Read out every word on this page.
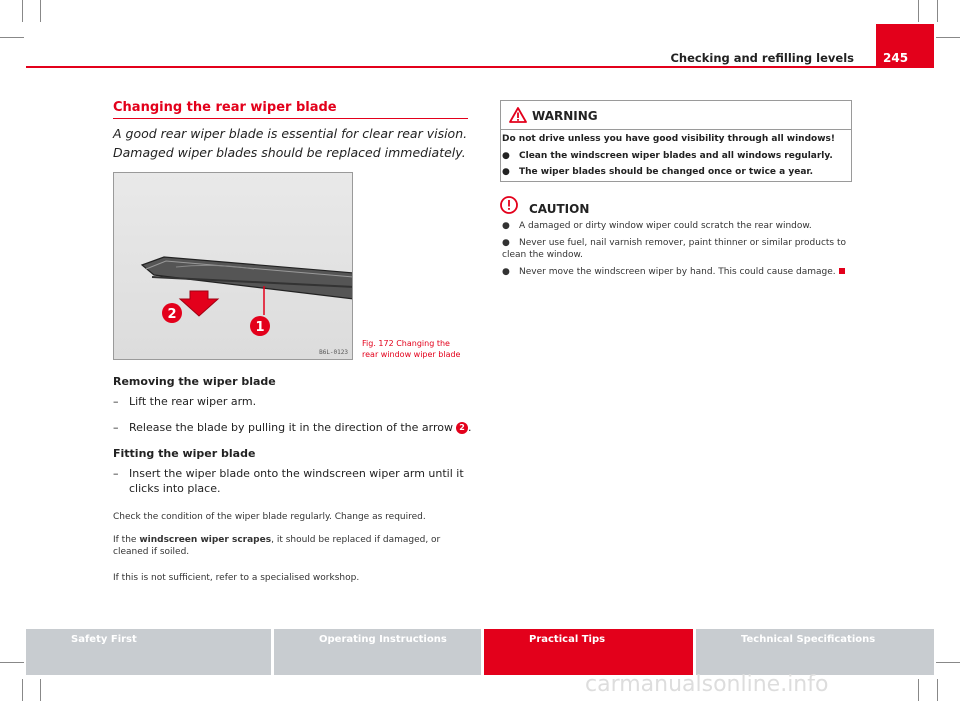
Checking and refilling levels	245
Changing the rear wiper blade
A good rear wiper blade is essential for clear rear vision. Damaged wiper blades should be replaced immediately.
2
1
B6L-0123
Fig. 172 Changing the rear window wiper blade
Removing the wiper blade
– Lift the rear wiper arm.
– Release the blade by pulling it in the direction of the arrow 2 .
Fitting the wiper blade
– Insert the wiper blade onto the windscreen wiper arm until it clicks into place.
Check the condition of the wiper blade regularly. Change as required.
If the windscreen wiper scrapes, it should be replaced if damaged, or cleaned if soiled.
If this is not sufficient, refer to a specialised workshop.
WARNING
Do not drive unless you have good visibility through all windows!
● Clean the windscreen wiper blades and all windows regularly.
● The wiper blades should be changed once or twice a year.
CAUTION
● A damaged or dirty window wiper could scratch the rear window.
● Never use fuel, nail varnish remover, paint thinner or similar products to clean the window.
● Never move the windscreen wiper by hand. This could cause damage.
Safety First	Operating Instructions	Practical Tips	Technical Specifications
carmanualsonline.info
